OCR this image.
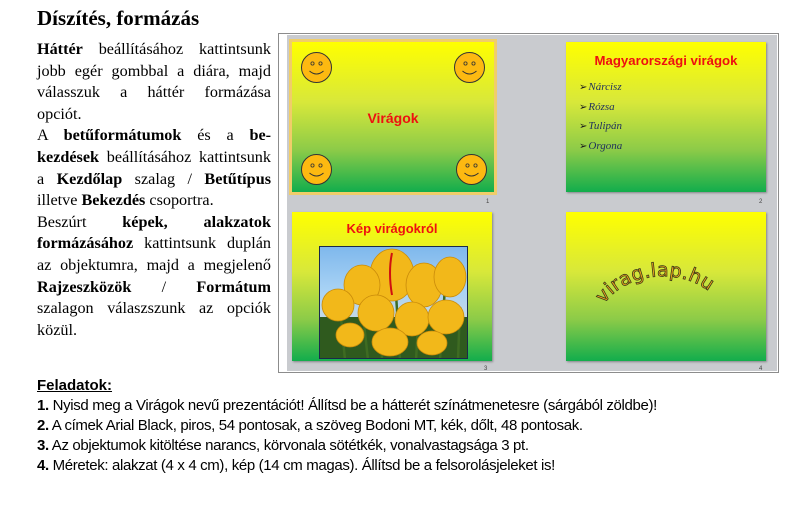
Díszítés, formázás

Háttér beállításához kattintsunk jobb egér gombbal a diára, majd válasszuk a háttér formázása opciót.

A betűformátumok és a bekezdések beállításához kattintsunk a Kezdőlap szalag / Betűtípus illetve Bekezdés csoportra.

Beszúrt képek, alakzatok formázásához kattintsunk duplán az objektumra, majd a megjelenő Rajzeszközök / Formátum szalagon válaszszunk az opciók közül.

Virágok
1
Magyarországi virágok
➢Nárcisz
➢Rózsa
➢Tulipán
➢Orgona
2
Kép virágokról
3
virag.lap.hu
4
Feladatok:
1. Nyisd meg a Virágok nevű prezentációt! Állítsd be a hátterét színátmenetesre (sárgából zöldbe)!
2. A címek Arial Black, piros, 54 pontosak, a szöveg Bodoni MT, kék, dőlt, 48 pontosak.
3. Az objektumok kitöltése narancs, körvonala sötétkék, vonalvastagsága 3 pt.
4. Méretek: alakzat (4 x 4 cm), kép (14 cm magas). Állítsd be a felsorolásjeleket is!
